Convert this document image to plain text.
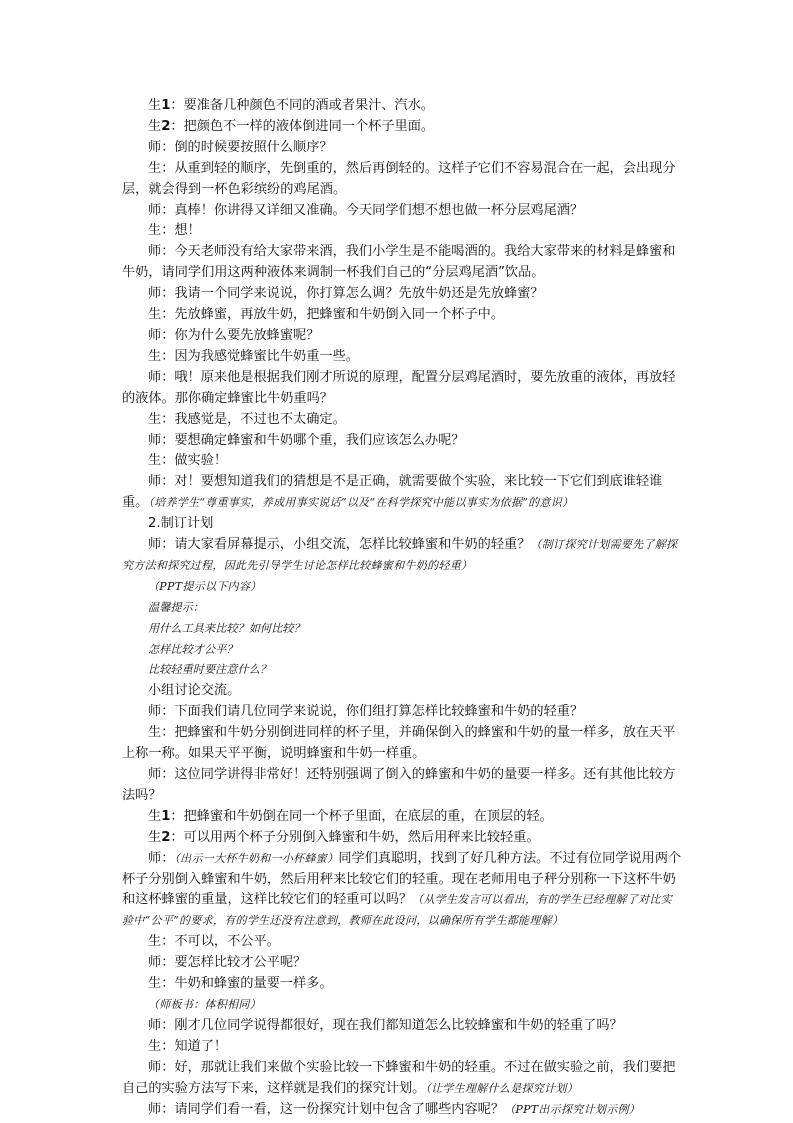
生1：要准备几种颜色不同的酒或者果汁、汽水。
生2：把颜色不一样的液体倒进同一个杯子里面。
师：倒的时候要按照什么顺序？
生：从重到轻的顺序，先倒重的，然后再倒轻的。这样子它们不容易混合在一起，会出现分层，就会得到一杯色彩缤纷的鸡尾酒。
师：真棒！你讲得又详细又准确。今天同学们想不想也做一杯分层鸡尾酒？
生：想！
师：今天老师没有给大家带来酒，我们小学生是不能喝酒的。我给大家带来的材料是蜂蜜和牛奶，请同学们用这两种液体来调制一杯我们自己的“分层鸡尾酒”饮品。
师：我请一个同学来说说，你打算怎么调？先放牛奶还是先放蜂蜜？
生：先放蜂蜜，再放牛奶，把蜂蜜和牛奶倒入同一个杯子中。
师：你为什么要先放蜂蜜呢？
生：因为我感觉蜂蜜比牛奶重一些。
师：哦！原来他是根据我们刚才所说的原理，配置分层鸡尾酒时，要先放重的液体，再放轻的液体。那你确定蜂蜜比牛奶重吗？
生：我感觉是，不过也不太确定。
师：要想确定蜂蜜和牛奶哪个重，我们应该怎么办呢？
生：做实验！
师：对！要想知道我们的猜想是不是正确，就需要做个实验，来比较一下它们到底谁轻谁重。（培养学生“尊重事实，养成用事实说话”以及“在科学探究中能以事实为依据”的意识）
2.制订计划
师：请大家看屏幕提示，小组交流，怎样比较蜂蜜和牛奶的轻重？（制订探究计划需要先了解探究方法和探究过程，因此先引导学生讨论怎样比较蜂蜜和牛奶的轻重）
（PPT提示以下内容）
温馨提示：
用什么工具来比较？如何比较？
怎样比较才公平？
比较轻重时要注意什么？
小组讨论交流。
师：下面我们请几位同学来说说，你们组打算怎样比较蜂蜜和牛奶的轻重？
生：把蜂蜜和牛奶分别倒进同样的杯子里，并确保倒入的蜂蜜和牛奶的量一样多，放在天平上称一称。如果天平平衡，说明蜂蜜和牛奶一样重。
师：这位同学讲得非常好！还特别强调了倒入的蜂蜜和牛奶的量要一样多。还有其他比较方法吗？
生1：把蜂蜜和牛奶倒在同一个杯子里面，在底层的重，在顶层的轻。
生2：可以用两个杯子分别倒入蜂蜜和牛奶，然后用秤来比较轻重。
师：（出示一大杯牛奶和一小杯蜂蜜）同学们真聪明，找到了好几种方法。不过有位同学说用两个杯子分别倒入蜂蜜和牛奶，然后用秤来比较它们的轻重。现在老师用电子秤分别称一下这杯牛奶和这杯蜂蜜的重量，这样比较它们的轻重可以吗？（从学生发言可以看出，有的学生已经理解了对比实验中“公平”的要求，有的学生还没有注意到，教师在此设问，以确保所有学生都能理解）
生：不可以，不公平。
师：要怎样比较才公平呢？
生：牛奶和蜂蜜的量要一样多。
（师板书：体积相同）
师：刚才几位同学说得都很好，现在我们都知道怎么比较蜂蜜和牛奶的轻重了吗？
生：知道了！
师：好，那就让我们来做个实验比较一下蜂蜜和牛奶的轻重。不过在做实验之前，我们要把自己的实验方法写下来，这样就是我们的探究计划。（让学生理解什么是探究计划）
师：请同学们看一看，这一份探究计划中包含了哪些内容呢？（PPT出示探究计划示例）
